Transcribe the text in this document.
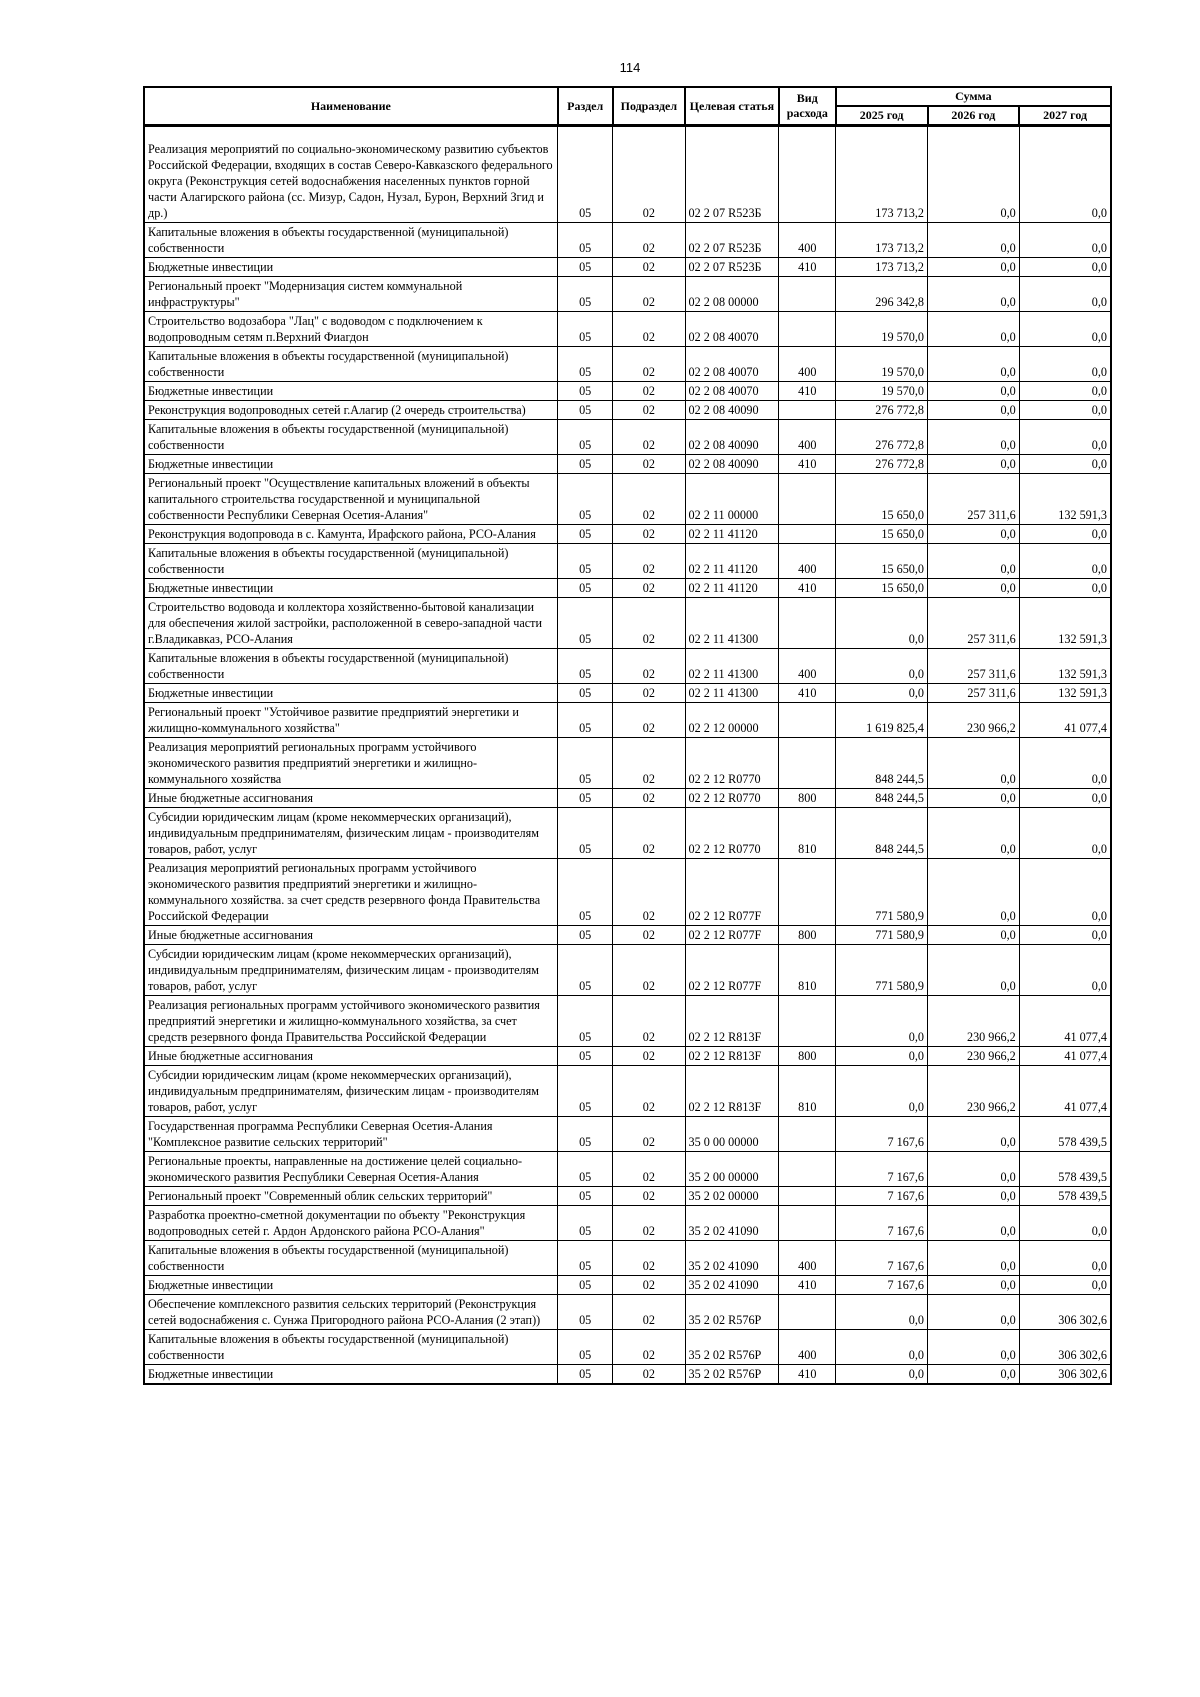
114
Наименование	Раздел	Подраздел	Целевая статья	Вид расхода	Сумма		
					2025 год	2026 год	2027 год
Реализация мероприятий по социально-экономическому развитию субъектов Российской Федерации, входящих в состав Северо-Кавказского федерального округа (Реконструкция сетей водоснабжения населенных пунктов горной части Алагирского района (сс. Мизур, Садон, Нузал, Бурон, Верхний Згид и др.)	05	02	02 2 07 R523Б		173 713,2	0,0	0,0
Капитальные вложения в объекты государственной (муниципальной) собственности	05	02	02 2 07 R523Б	400	173 713,2	0,0	0,0
Бюджетные инвестиции	05	02	02 2 07 R523Б	410	173 713,2	0,0	0,0
Региональный проект "Модернизация систем коммунальной инфраструктуры"	05	02	02 2 08 00000		296 342,8	0,0	0,0
Строительство водозабора "Лац" с водоводом с подключением к водопроводным сетям п.Верхний Фиагдон	05	02	02 2 08 40070		19 570,0	0,0	0,0
Капитальные вложения в объекты государственной (муниципальной) собственности	05	02	02 2 08 40070	400	19 570,0	0,0	0,0
Бюджетные инвестиции	05	02	02 2 08 40070	410	19 570,0	0,0	0,0
Реконструкция водопроводных сетей г.Алагир (2 очередь строительства)	05	02	02 2 08 40090		276 772,8	0,0	0,0
Капитальные вложения в объекты государственной (муниципальной) собственности	05	02	02 2 08 40090	400	276 772,8	0,0	0,0
Бюджетные инвестиции	05	02	02 2 08 40090	410	276 772,8	0,0	0,0
Региональный проект "Осуществление капитальных вложений в объекты капитального строительства государственной и муниципальной собственности Республики Северная Осетия-Алания"	05	02	02 2 11 00000		15 650,0	257 311,6	132 591,3
Реконструкция водопровода в с. Камунта, Ирафского района, РСО-Алания	05	02	02 2 11 41120		15 650,0	0,0	0,0
Капитальные вложения в объекты государственной (муниципальной) собственности	05	02	02 2 11 41120	400	15 650,0	0,0	0,0
Бюджетные инвестиции	05	02	02 2 11 41120	410	15 650,0	0,0	0,0
Строительство водовода и коллектора хозяйственно-бытовой канализации для обеспечения жилой застройки, расположенной в северо-западной части г.Владикавказ, РСО-Алания	05	02	02 2 11 41300		0,0	257 311,6	132 591,3
Капитальные вложения в объекты государственной (муниципальной) собственности	05	02	02 2 11 41300	400	0,0	257 311,6	132 591,3
Бюджетные инвестиции	05	02	02 2 11 41300	410	0,0	257 311,6	132 591,3
Региональный проект "Устойчивое развитие предприятий энергетики и жилищно-коммунального хозяйства"	05	02	02 2 12 00000		1 619 825,4	230 966,2	41 077,4
Реализация мероприятий региональных программ устойчивого экономического развития предприятий энергетики и жилищно-коммунального хозяйства	05	02	02 2 12 R0770		848 244,5	0,0	0,0
Иные бюджетные ассигнования	05	02	02 2 12 R0770	800	848 244,5	0,0	0,0
Субсидии юридическим лицам (кроме некоммерческих организаций), индивидуальным предпринимателям, физическим лицам - производителям товаров, работ, услуг	05	02	02 2 12 R0770	810	848 244,5	0,0	0,0
Реализация мероприятий региональных программ устойчивого экономического развития предприятий энергетики и жилищно-коммунального хозяйства. за счет средств резервного фонда Правительства Российской Федерации	05	02	02 2 12 R077F		771 580,9	0,0	0,0
Иные бюджетные ассигнования	05	02	02 2 12 R077F	800	771 580,9	0,0	0,0
Субсидии юридическим лицам (кроме некоммерческих организаций), индивидуальным предпринимателям, физическим лицам - производителям товаров, работ, услуг	05	02	02 2 12 R077F	810	771 580,9	0,0	0,0
Реализация региональных программ устойчивого экономического развития предприятий энергетики и жилищно-коммунального хозяйства, за счет средств резервного фонда Правительства Российской Федерации	05	02	02 2 12 R813F		0,0	230 966,2	41 077,4
Иные бюджетные ассигнования	05	02	02 2 12 R813F	800	0,0	230 966,2	41 077,4
Субсидии юридическим лицам (кроме некоммерческих организаций), индивидуальным предпринимателям, физическим лицам - производителям товаров, работ, услуг	05	02	02 2 12 R813F	810	0,0	230 966,2	41 077,4
Государственная программа Республики Северная Осетия-Алания "Комплексное развитие сельских территорий"	05	02	35 0 00 00000		7 167,6	0,0	578 439,5
Региональные проекты, направленные на достижение целей социально-экономического развития Республики Северная Осетия-Алания	05	02	35 2 00 00000		7 167,6	0,0	578 439,5
Региональный проект "Современный облик сельских территорий"	05	02	35 2 02 00000		7 167,6	0,0	578 439,5
Разработка проектно-сметной документации по объекту "Реконструкция водопроводных сетей г. Ардон Ардонского района РСО-Алания"	05	02	35 2 02 41090		7 167,6	0,0	0,0
Капитальные вложения в объекты государственной (муниципальной) собственности	05	02	35 2 02 41090	400	7 167,6	0,0	0,0
Бюджетные инвестиции	05	02	35 2 02 41090	410	7 167,6	0,0	0,0
Обеспечение комплексного развития сельских территорий (Реконструкция сетей водоснабжения с. Сунжа Пригородного района РСО-Алания (2 этап))	05	02	35 2 02 R576P		0,0	0,0	306 302,6
Капитальные вложения в объекты государственной (муниципальной) собственности	05	02	35 2 02 R576P	400	0,0	0,0	306 302,6
Бюджетные инвестиции	05	02	35 2 02 R576P	410	0,0	0,0	306 302,6
